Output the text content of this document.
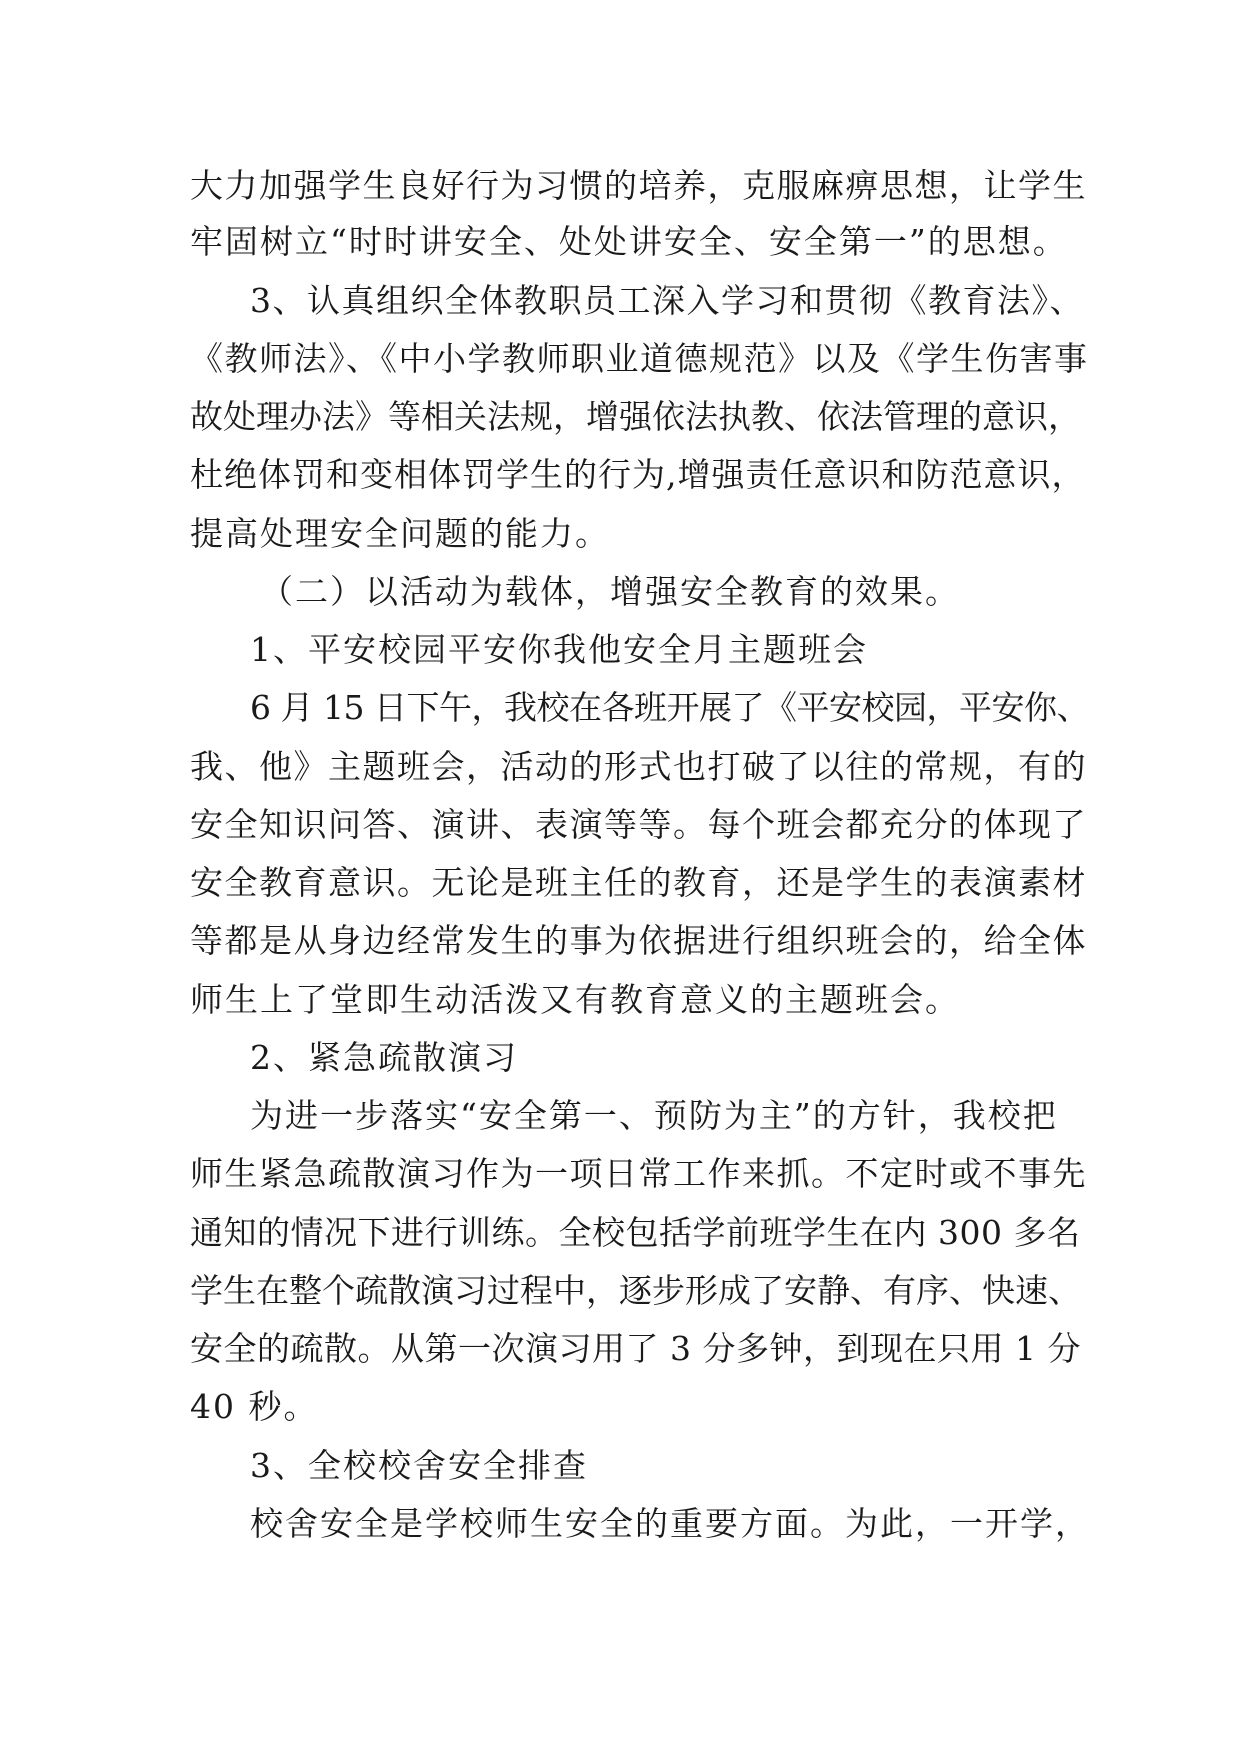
大力加强学生良好行为习惯的培养，克服麻痹思想，让学生
牢固树立“时时讲安全、处处讲安全、安全第一”的思想。
3、认真组织全体教职员工深入学习和贯彻《教育法》、
《教师法》、《中小学教师职业道德规范》以及《学生伤害事
故处理办法》等相关法规，增强依法执教、依法管理的意识，
杜绝体罚和变相体罚学生的行为,增强责任意识和防范意识，
提高处理安全问题的能力。
（二）以活动为载体，增强安全教育的效果。
1、平安校园平安你我他安全月主题班会
6 月 15 日下午，我校在各班开展了《平安校园，平安你、
我、他》主题班会，活动的形式也打破了以往的常规，有的
安全知识问答、演讲、表演等等。每个班会都充分的体现了
安全教育意识。无论是班主任的教育，还是学生的表演素材
等都是从身边经常发生的事为依据进行组织班会的，给全体
师生上了堂即生动活泼又有教育意义的主题班会。
2、紧急疏散演习
为进一步落实“安全第一、预防为主”的方针，我校把
师生紧急疏散演习作为一项日常工作来抓。不定时或不事先
通知的情况下进行训练。全校包括学前班学生在内 300 多名
学生在整个疏散演习过程中，逐步形成了安静、有序、快速、
安全的疏散。从第一次演习用了 3 分多钟，到现在只用 1 分
40 秒。
3、全校校舍安全排查
校舍安全是学校师生安全的重要方面。为此，一开学，
